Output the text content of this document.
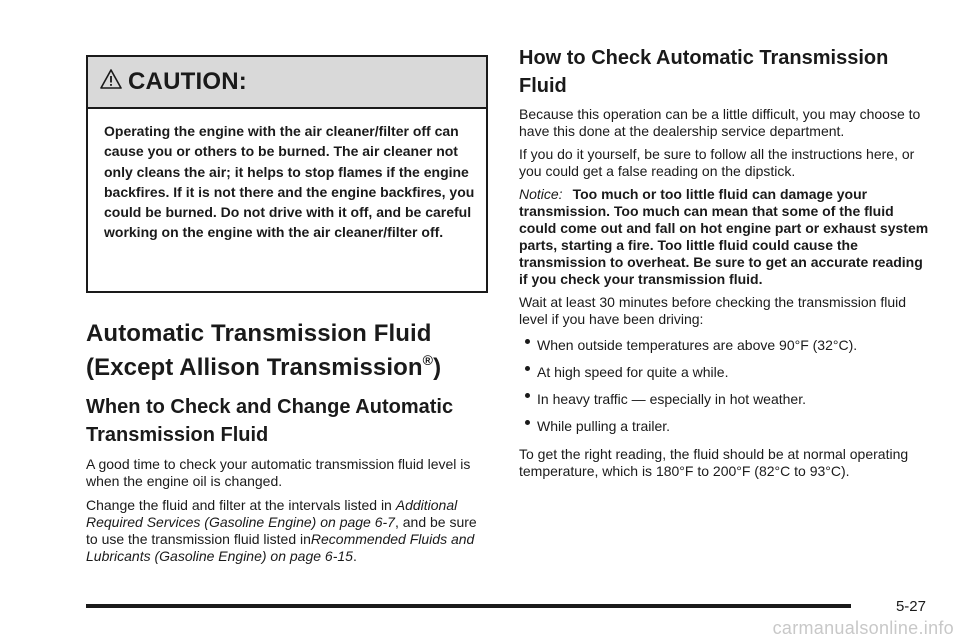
CAUTION:

Operating the engine with the air cleaner/filter off can cause you or others to be burned. The air cleaner not only cleans the air; it helps to stop flames if the engine backfires. If it is not there and the engine backfires, you could be burned. Do not drive with it off, and be careful working on the engine with the air cleaner/filter off.

Automatic Transmission Fluid
(Except Allison Transmission®)
When to Check and Change Automatic Transmission Fluid

A good time to check your automatic transmission fluid level is when the engine oil is changed.

Change the fluid and filter at the intervals listed in Additional Required Services (Gasoline Engine) on page 6-7, and be sure to use the transmission fluid listed inRecommended Fluids and Lubricants (Gasoline Engine) on page 6-15.

How to Check Automatic Transmission Fluid

Because this operation can be a little difficult, you may choose to have this done at the dealership service department.

If you do it yourself, be sure to follow all the instructions here, or you could get a false reading on the dipstick.

Notice: Too much or too little fluid can damage your transmission. Too much can mean that some of the fluid could come out and fall on hot engine part or exhaust system parts, starting a fire. Too little fluid could cause the transmission to overheat. Be sure to get an accurate reading if you check your transmission fluid.

Wait at least 30 minutes before checking the transmission fluid level if you have been driving:

When outside temperatures are above 90°F (32°C).
At high speed for quite a while.
In heavy traffic — especially in hot weather.
While pulling a trailer.

To get the right reading, the fluid should be at normal operating temperature, which is 180°F to 200°F (82°C to 93°C).

5-27
carmanualsonline.info
